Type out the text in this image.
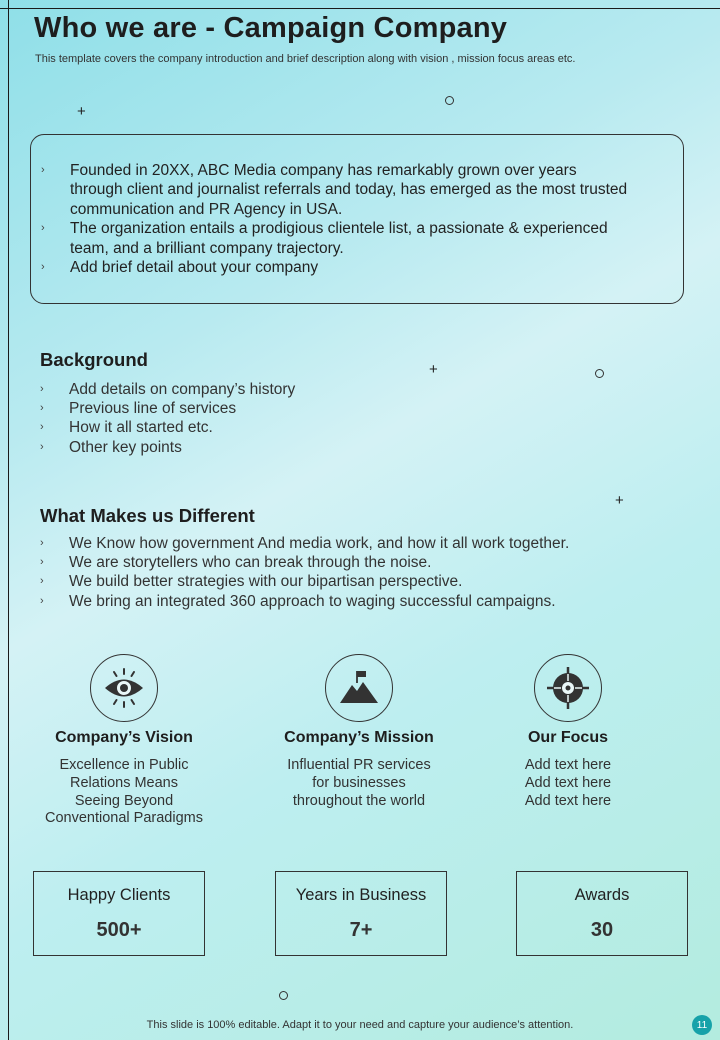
Who we are - Campaign Company
This template covers the company introduction and brief description along with vision , mission focus areas etc.
+
+
+
› Founded in 20XX, ABC Media company has remarkably grown over years through client and journalist referrals and today, has emerged as the most trusted communication and PR Agency in USA.
› The organization entails a prodigious clientele list, a passionate & experienced team, and a brilliant company trajectory.
› Add brief detail about your company
Background
› Add details on company’s history
› Previous line of services
› How it all started etc.
› Other key points
What Makes us Different
› We Know how government And media work, and how it all work together.
› We are storytellers who can break through the noise.
› We build better strategies with our bipartisan perspective.
› We bring an integrated 360 approach to waging successful campaigns.
Company’s Vision

Excellence in Public
Relations Means
Seeing Beyond
Conventional Paradigms

Company’s Mission

Influential PR services
for businesses
throughout the world

Our Focus

Add text here
Add text here
Add text here

Happy Clients
500+
Years in Business
7+
Awards
30
This slide is 100% editable. Adapt it to your need and capture your audience’s attention.	11
